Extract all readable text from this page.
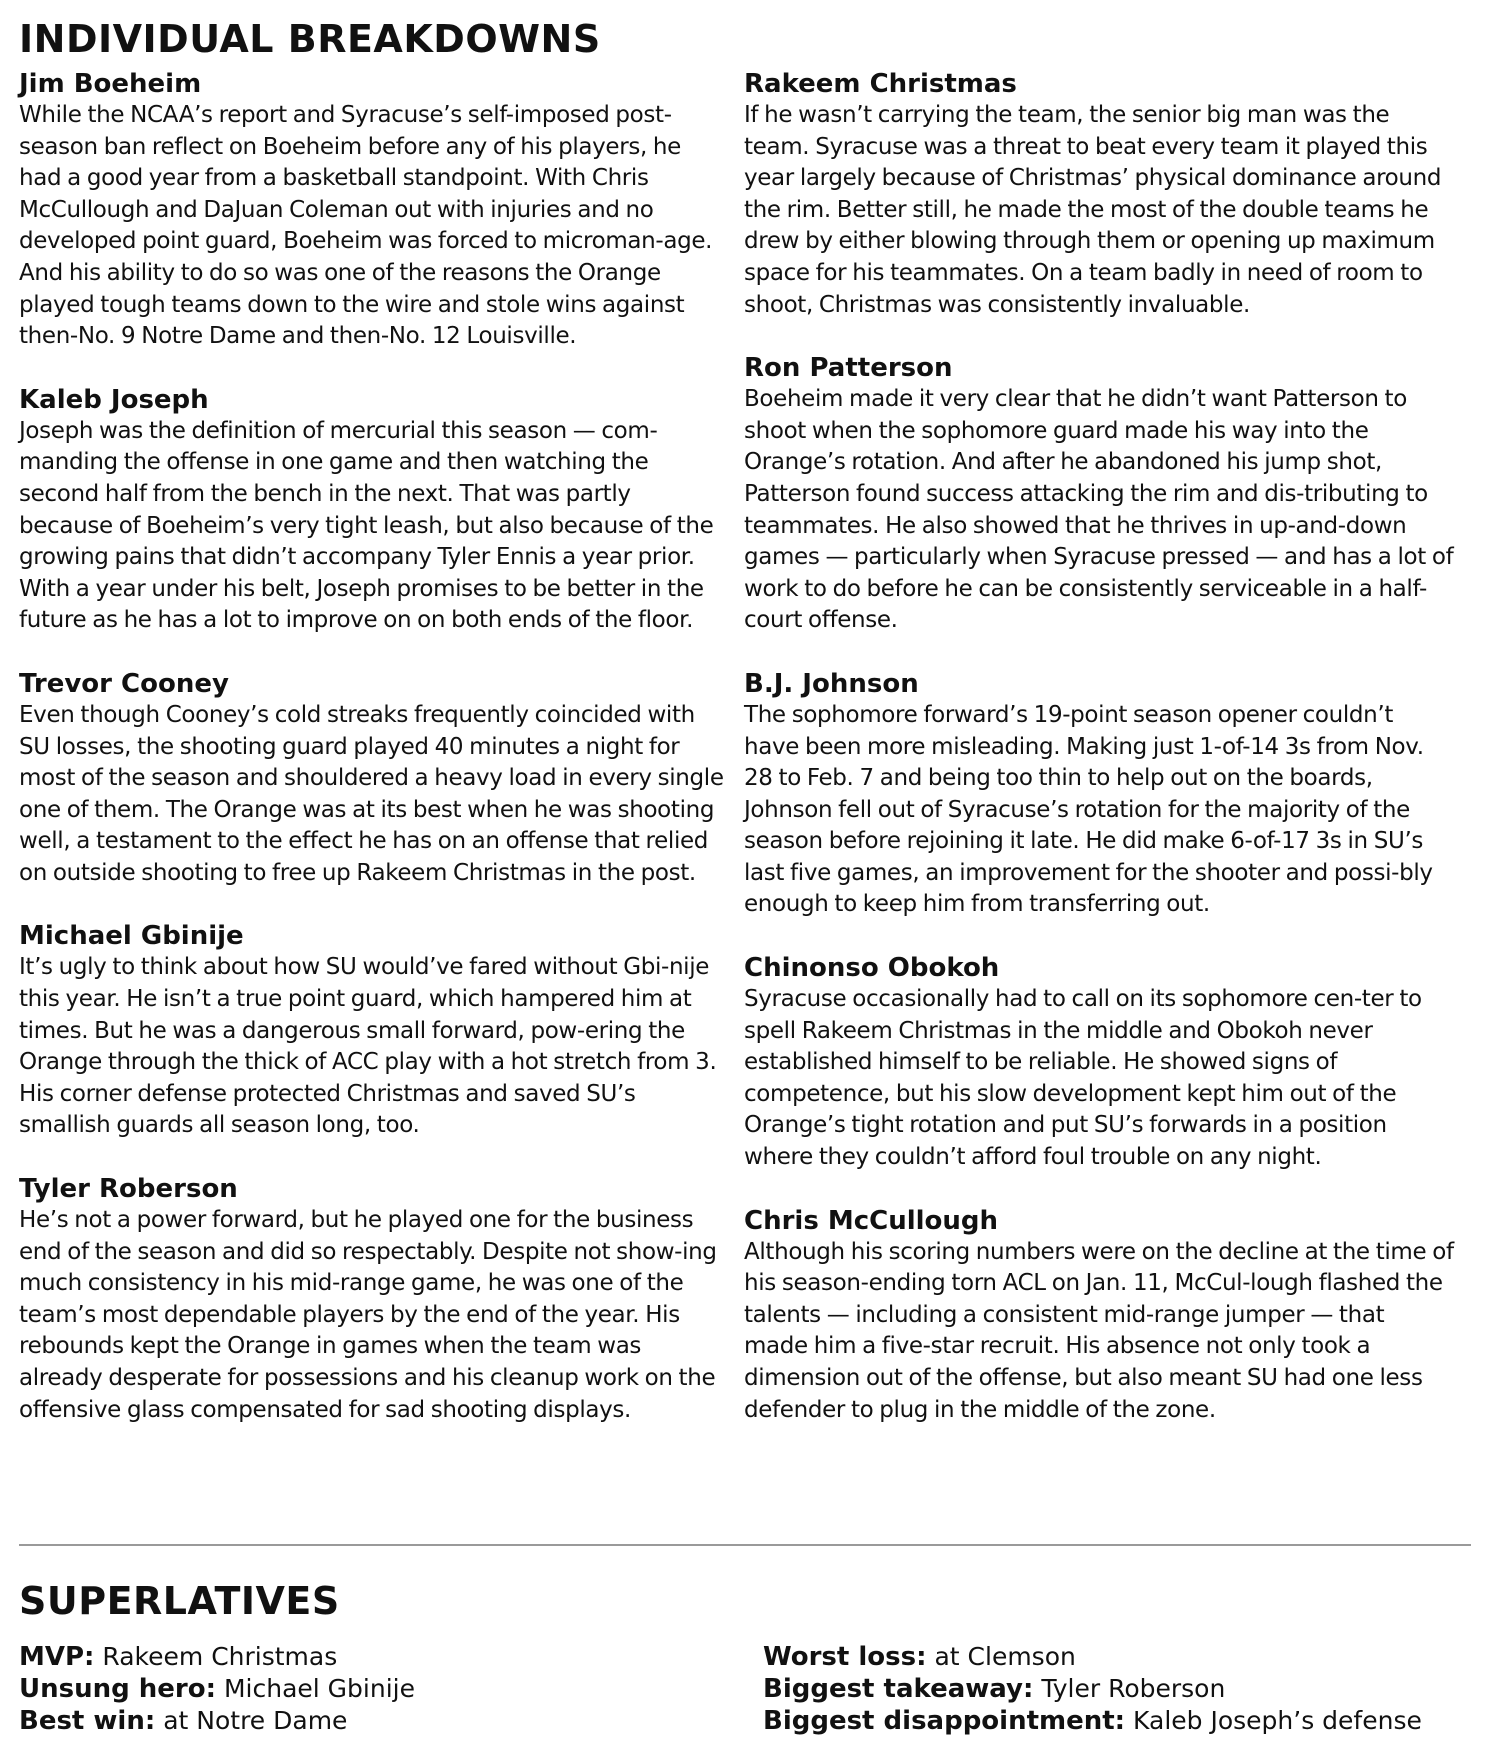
INDIVIDUAL BREAKDOWNS

Jim Boeheim

While the NCAA’s report and Syracuse’s self-imposed post-season ban reflect on Boeheim before any of his players, he had a good year from a basketball standpoint. With Chris McCullough and DaJuan Coleman out with injuries and no developed point guard, Boeheim was forced to microman-age. And his ability to do so was one of the reasons the Orange played tough teams down to the wire and stole wins against then-No. 9 Notre Dame and then-No. 12 Louisville.

Kaleb Joseph

Joseph was the definition of mercurial this season — com-manding the offense in one game and then watching the second half from the bench in the next. That was partly because of Boeheim’s very tight leash, but also because of the growing pains that didn’t accompany Tyler Ennis a year prior. With a year under his belt, Joseph promises to be better in the future as he has a lot to improve on on both ends of the floor.

Trevor Cooney

Even though Cooney’s cold streaks frequently coincided with SU losses, the shooting guard played 40 minutes a night for most of the season and shouldered a heavy load in every single one of them. The Orange was at its best when he was shooting well, a testament to the effect he has on an offense that relied on outside shooting to free up Rakeem Christmas in the post.

Michael Gbinije

It’s ugly to think about how SU would’ve fared without Gbi-nije this year. He isn’t a true point guard, which hampered him at times. But he was a dangerous small forward, pow-ering the Orange through the thick of ACC play with a hot stretch from 3. His corner defense protected Christmas and saved SU’s smallish guards all season long, too.

Tyler Roberson

He’s not a power forward, but he played one for the business end of the season and did so respectably. Despite not show-ing much consistency in his mid-range game, he was one of the team’s most dependable players by the end of the year. His rebounds kept the Orange in games when the team was already desperate for possessions and his cleanup work on the offensive glass compensated for sad shooting displays.

Rakeem Christmas

If he wasn’t carrying the team, the senior big man was the team. Syracuse was a threat to beat every team it played this year largely because of Christmas’ physical dominance around the rim. Better still, he made the most of the double teams he drew by either blowing through them or opening up maximum space for his teammates. On a team badly in need of room to shoot, Christmas was consistently invaluable.

Ron Patterson

Boeheim made it very clear that he didn’t want Patterson to shoot when the sophomore guard made his way into the Orange’s rotation. And after he abandoned his jump shot, Patterson found success attacking the rim and dis-tributing to teammates. He also showed that he thrives in up-and-down games — particularly when Syracuse pressed — and has a lot of work to do before he can be consistently serviceable in a half-court offense.

B.J. Johnson

The sophomore forward’s 19-point season opener couldn’t have been more misleading. Making just 1-of-14 3s from Nov. 28 to Feb. 7 and being too thin to help out on the boards, Johnson fell out of Syracuse’s rotation for the majority of the season before rejoining it late. He did make 6-of-17 3s in SU’s last five games, an improvement for the shooter and possi-bly enough to keep him from transferring out.

Chinonso Obokoh

Syracuse occasionally had to call on its sophomore cen-ter to spell Rakeem Christmas in the middle and Obokoh never established himself to be reliable. He showed signs of competence, but his slow development kept him out of the Orange’s tight rotation and put SU’s forwards in a position where they couldn’t afford foul trouble on any night.

Chris McCullough

Although his scoring numbers were on the decline at the time of his season-ending torn ACL on Jan. 11, McCul-lough flashed the talents — including a consistent mid-range jumper — that made him a five-star recruit. His absence not only took a dimension out of the offense, but also meant SU had one less defender to plug in the middle of the zone.

SUPERLATIVES
MVP: Rakeem Christmas
Unsung hero: Michael Gbinije
Best win: at Notre Dame
Worst loss: at Clemson
Biggest takeaway: Tyler Roberson
Biggest disappointment: Kaleb Joseph’s defense
